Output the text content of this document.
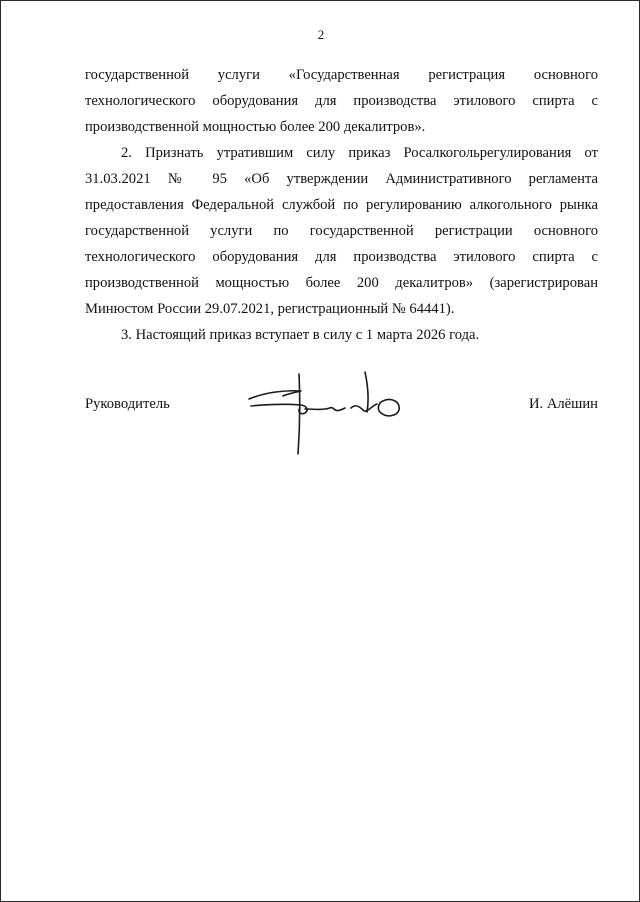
2

государственной услуги «Государственная регистрация основного технологического оборудования для производства этилового спирта с производственной мощностью более 200 декалитров».

2. Признать утратившим силу приказ Росалкогольрегулирования от 31.03.2021 № 95 «Об утверждении Административного регламента предоставления Федеральной службой по регулированию алкогольного рынка государственной услуги по государственной регистрации основного технологического оборудования для производства этилового спирта с производственной мощностью более 200 декалитров» (зарегистрирован Минюстом России 29.07.2021, регистрационный № 64441).

3. Настоящий приказ вступает в силу с 1 марта 2026 года.

Руководитель	И. Алёшин
